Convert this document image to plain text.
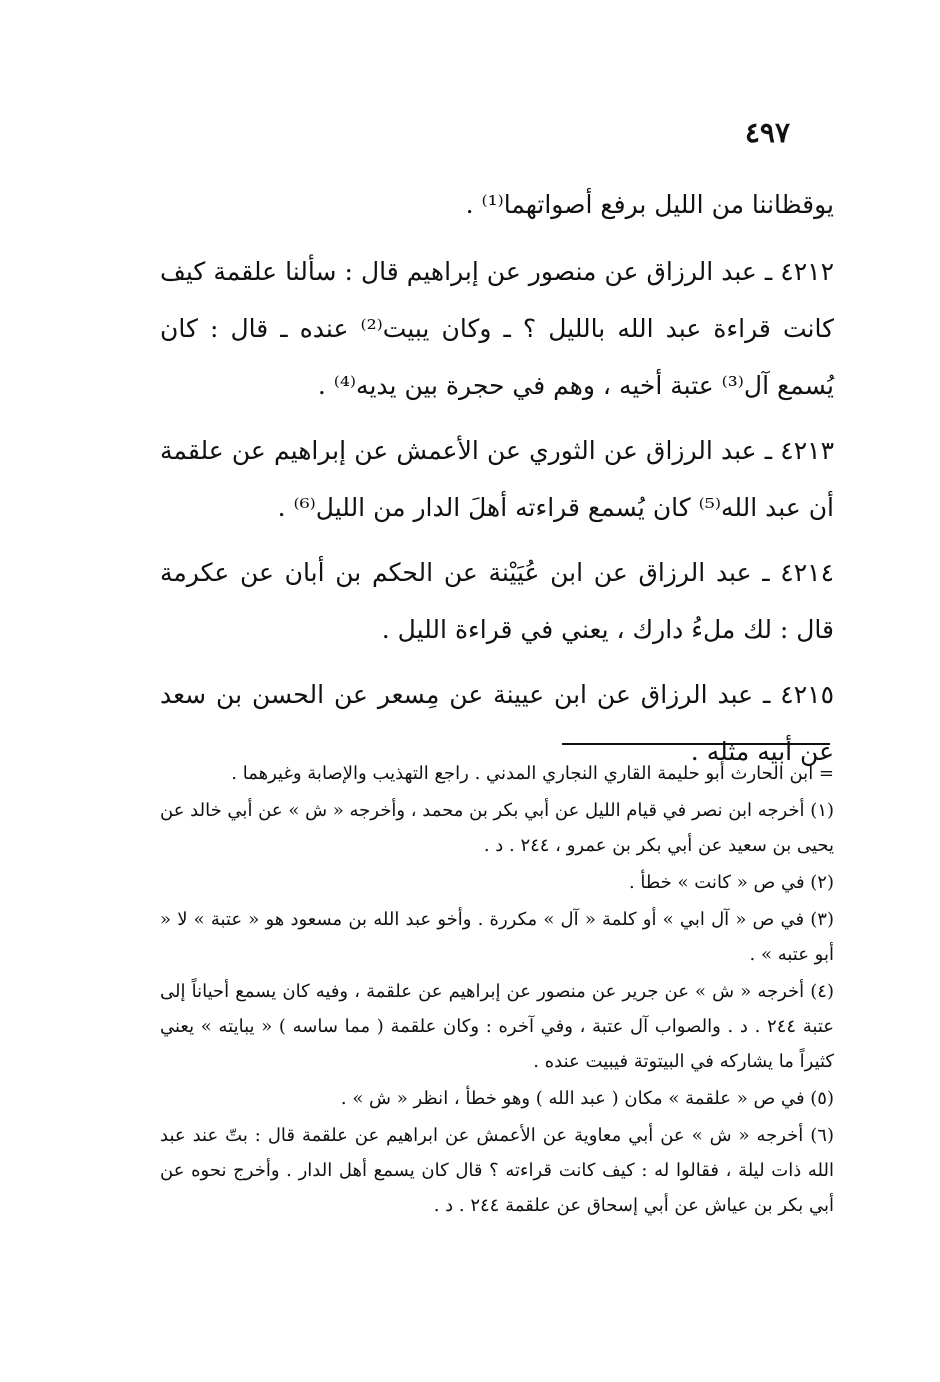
٤٩٧

يوقظاننا من الليل برفع أصواتهما⁽¹⁾ .

٤٢١٢ ـ عبد الرزاق عن منصور عن إبراهيم قال : سألنا علقمة كيف كانت قراءة عبد الله بالليل ؟ ـ وكان يبيت⁽²⁾ عنده ـ قال : كان يُسمع آل⁽³⁾ عتبة أخيه ، وهم في حجرة بين يديه⁽⁴⁾ .

٤٢١٣ ـ عبد الرزاق عن الثوري عن الأعمش عن إبراهيم عن علقمة أن عبد الله⁽⁵⁾ كان يُسمع قراءته أهلَ الدار من الليل⁽⁶⁾ .

٤٢١٤ ـ عبد الرزاق عن ابن عُيَيْنة عن الحكم بن أبان عن عكرمة قال : لك ملءُ دارك ، يعني في قراءة الليل .

٤٢١٥ ـ عبد الرزاق عن ابن عيينة عن مِسعر عن الحسن بن سعد عن أبيه مثله .

= ابن الحارث أبو حليمة القاري النجاري المدني . راجع التهذيب والإصابة وغيرهما .

(١) أخرجه ابن نصر في قيام الليل عن أبي بكر بن محمد ، وأخرجه « ش » عن أبي خالد عن يحيى بن سعيد عن أبي بكر بن عمرو ، ٢٤٤ . د .

(٢) في ص « كانت » خطأ .

(٣) في ص « آل ابي » أو كلمة « آل » مكررة . وأخو عبد الله بن مسعود هو « عتبة » لا « أبو عتبه » .

(٤) أخرجه « ش » عن جرير عن منصور عن إبراهيم عن علقمة ، وفيه كان يسمع أحياناً إلى عتبة ٢٤٤ . د . والصواب آل عتبة ، وفي آخره : وكان علقمة ( مما ساسه ) « يبايته » يعني كثيراً ما يشاركه في البيتوتة فيبيت عنده .

(٥) في ص « علقمة » مكان ( عبد الله ) وهو خطأ ، انظر « ش » .

(٦) أخرجه « ش » عن أبي معاوية عن الأعمش عن ابراهيم عن علقمة قال : بتّ عند عبد الله ذات ليلة ، فقالوا له : كيف كانت قراءته ؟ قال كان يسمع أهل الدار . وأخرج نحوه عن أبي بكر بن عياش عن أبي إسحاق عن علقمة ٢٤٤ . د .
